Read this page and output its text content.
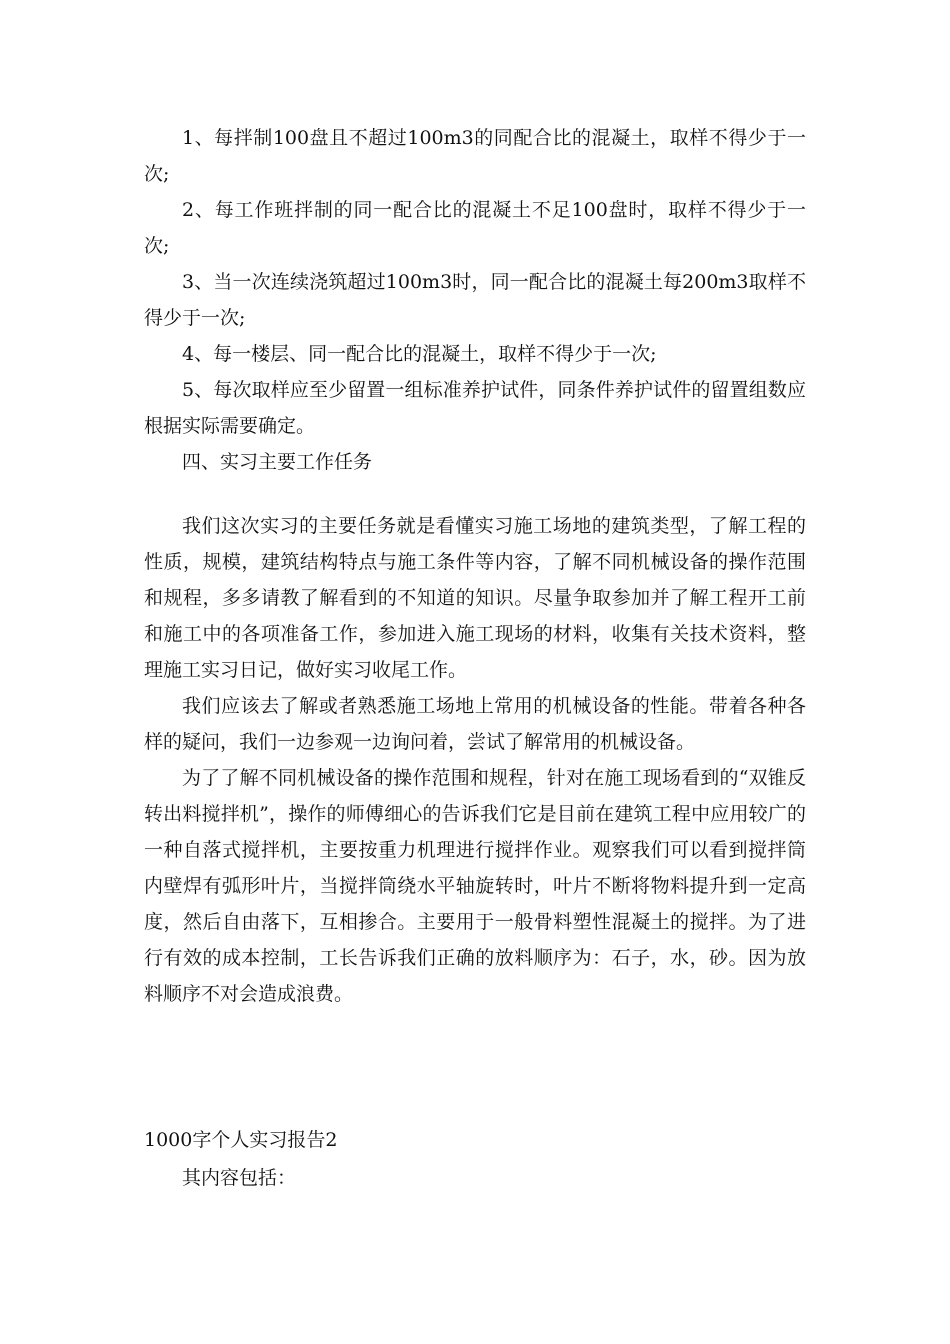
1、每拌制100盘且不超过100m3的同配合比的混凝土，取样不得少于一次;

2、每工作班拌制的同一配合比的混凝土不足100盘时，取样不得少于一次;

3、当一次连续浇筑超过100m3时，同一配合比的混凝土每200m3取样不得少于一次;

4、每一楼层、同一配合比的混凝土，取样不得少于一次;

5、每次取样应至少留置一组标准养护试件，同条件养护试件的留置组数应根据实际需要确定。

四、实习主要工作任务

我们这次实习的主要任务就是看懂实习施工场地的建筑类型，了解工程的性质，规模，建筑结构特点与施工条件等内容，了解不同机械设备的操作范围和规程，多多请教了解看到的不知道的知识。尽量争取参加并了解工程开工前和施工中的各项准备工作，参加进入施工现场的材料，收集有关技术资料，整理施工实习日记，做好实习收尾工作。

我们应该去了解或者熟悉施工场地上常用的机械设备的性能。带着各种各样的疑问，我们一边参观一边询问着，尝试了解常用的机械设备。

为了了解不同机械设备的操作范围和规程，针对在施工现场看到的“双锥反转出料搅拌机”，操作的师傅细心的告诉我们它是目前在建筑工程中应用较广的一种自落式搅拌机，主要按重力机理进行搅拌作业。观察我们可以看到搅拌筒内壁焊有弧形叶片，当搅拌筒绕水平轴旋转时，叶片不断将物料提升到一定高度，然后自由落下，互相掺合。主要用于一般骨料塑性混凝土的搅拌。为了进行有效的成本控制，工长告诉我们正确的放料顺序为：石子，水，砂。因为放料顺序不对会造成浪费。

1000字个人实习报告2

其内容包括：
